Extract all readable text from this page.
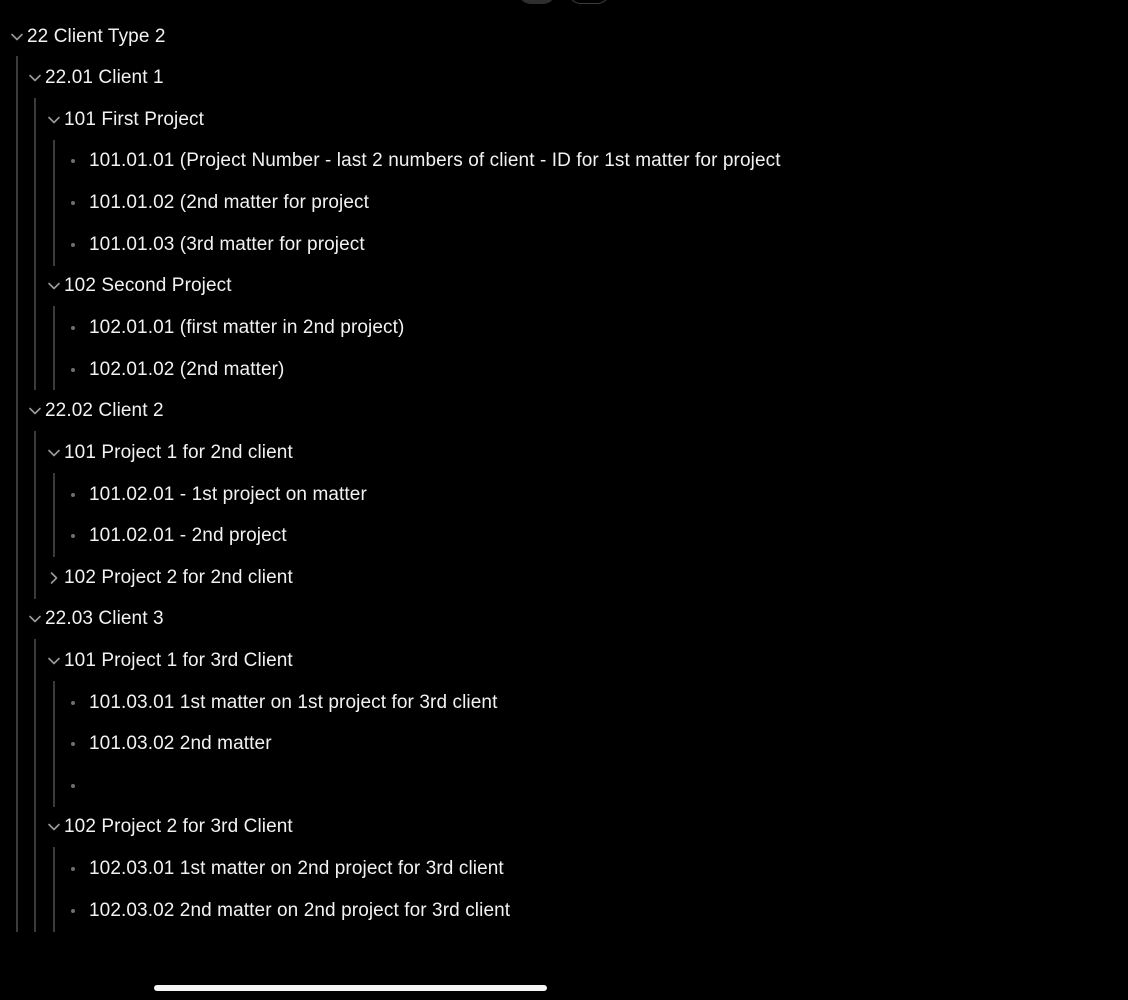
22 Client Type 2
22.01 Client 1
101 First Project
101.01.01 (Project Number - last 2 numbers of client - ID for 1st matter for project
101.01.02 (2nd matter for project
101.01.03 (3rd matter for project
102 Second Project
102.01.01 (first matter in 2nd project)
102.01.02 (2nd matter)
22.02 Client 2
101 Project 1 for 2nd client
101.02.01 - 1st project on matter
101.02.01 - 2nd project
102 Project 2 for 2nd client
22.03 Client 3
101 Project 1 for 3rd Client
101.03.01 1st matter on 1st project for 3rd client
101.03.02 2nd matter
102 Project 2 for 3rd Client
102.03.01 1st matter on 2nd project for 3rd client
102.03.02 2nd matter on 2nd project for 3rd client
